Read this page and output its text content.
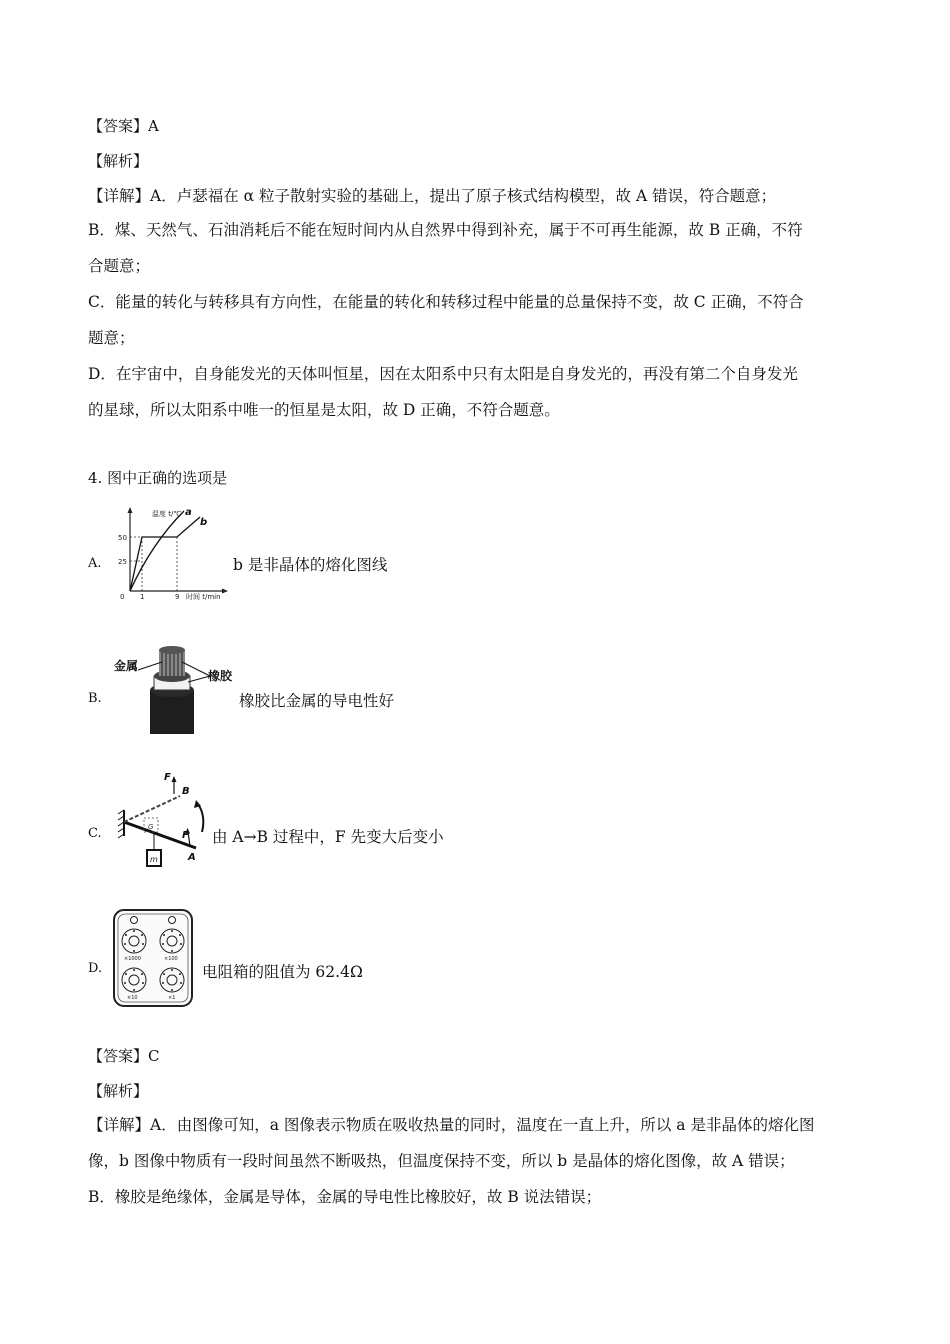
【答案】A
【解析】
【详解】A．卢瑟福在 α 粒子散射实验的基础上，提出了原子核式结构模型，故 A 错误，符合题意；
B．煤、天然气、石油消耗后不能在短时间内从自然界中得到补充，属于不可再生能源，故 B 正确，不符
合题意；
C．能量的转化与转移具有方向性，在能量的转化和转移过程中能量的总量保持不变，故 C 正确，不符合
题意；
D．在宇宙中，自身能发光的天体叫恒星，因在太阳系中只有太阳是自身发光的，再没有第二个自身发光
的星球，所以太阳系中唯一的恒星是太阳，故 D 正确，不符合题意。
4. 图中正确的选项是
A.
温度 t/℃ a
b
50
25
0 1	9 时间 t/min
b 是非晶体的熔化图线
B.
金属
橡胶
橡胶比金属的导电性好
C.
F
B
F
A
G
m
由 A→B 过程中，F 先变大后变小
D.
×1000	×100
×10	×1
电阻箱的阻值为 62.4Ω
【答案】C
【解析】
【详解】A．由图像可知，a 图像表示物质在吸收热量的同时，温度在一直上升，所以 a 是非晶体的熔化图
像，b 图像中物质有一段时间虽然不断吸热，但温度保持不变，所以 b 是晶体的熔化图像，故 A 错误；
B．橡胶是绝缘体，金属是导体，金属的导电性比橡胶好，故 B 说法错误；
